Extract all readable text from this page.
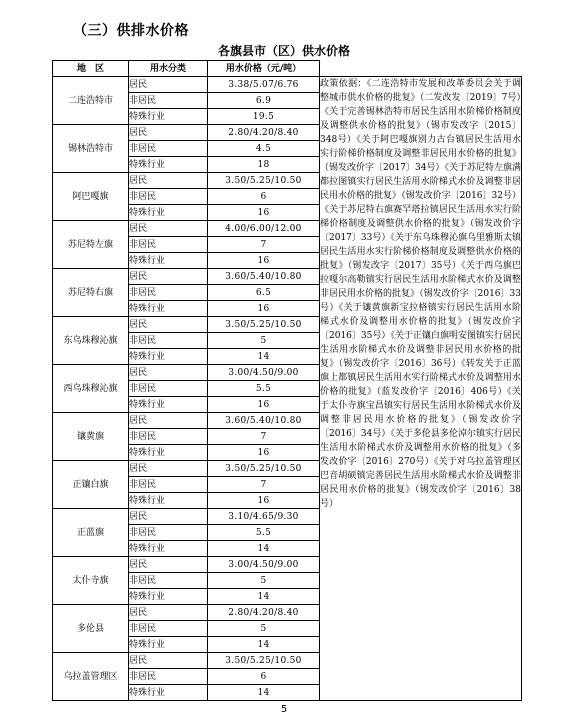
（三）供排水价格
各旗县市（区）供水价格
地　区	用水分类	用水价格（元/吨）	
二连浩特市	居民	3.38/5.07/6.76	政策依据：《二连浩特市发展和改革委员会关于调整城市供水价格的批复》（二发改发〔2019〕7号）《关于完善锡林浩特市居民生活用水阶梯价格制度及调整供水价格的批复》（锡市发改字〔2015〕348号）《关于阿巴嘎旗别力古台镇居民生活用水实行阶梯价格制度及调整非居民用水价格的批复》（锡发改价字〔2017〕34号）《关于苏尼特左旗满都拉图镇实行居民生活用水阶梯式水价及调整非居民用水价格的批复》（锡发改价字〔2016〕32号）《关于苏尼特右旗赛罕塔拉镇居民生活用水实行阶梯价格制度及调整供水价格的批复》（锡发改价字〔2017〕33号）《关于东乌珠穆沁旗乌里雅斯太镇居民生活用水实行阶梯价格制度及调整供水价格的批复》（锡发改字〔2017〕35号）《关于西乌旗巴拉嘎尔高勒镇实行居民生活用水阶梯式水价及调整非居民用水价格的批复》（锡发改价字〔2016〕33号）《关于镶黄旗新宝拉格镇实行居民生活用水阶梯式水价及调整用水价格的批复》（锡发改价字〔2016〕35号）《关于正镶白旗明安图镇实行居民生活用水阶梯式水价及调整非居民用水价格的批复》（锡发改价字〔2016〕36号）《转发关于正蓝旗上都镇居民生活用水实行阶梯式水价及调整用水价格的批复》（蓝发改价字〔2016〕406号）《关于太仆寺旗宝昌镇实行居民生活用水阶梯式水价及调整非居民用水价格的批复》（锡发改价字〔2016〕34号）《关于多伦县多伦淖尔镇实行居民生活用水阶梯式水价及调整用水价格的批复》（多发改价字〔2016〕270号）《关于对乌拉盖管理区巴音胡硕镇完善居民生活用水阶梯式水价及调整非居民用水价格的批复》（锡发改价字〔2016〕38号）
	非居民	6.9	
	特殊行业	19.5	
锡林浩特市	居民	2.80/4.20/8.40	
	非居民	4.5	
	特殊行业	18	
阿巴嘎旗	居民	3.50/5.25/10.50	
	非居民	6	
	特殊行业	16	
苏尼特左旗	居民	4.00/6.00/12.00	
	非居民	7	
	特殊行业	16	
苏尼特右旗	居民	3.60/5.40/10.80	
	非居民	6.5	
	特殊行业	16	
东乌珠穆沁旗	居民	3.50/5.25/10.50	
	非居民	5	
	特殊行业	14	
西乌珠穆沁旗	居民	3.00/4.50/9.00	
	非居民	5.5	
	特殊行业	16	
镶黄旗	居民	3.60/5.40/10.80	
	非居民	7	
	特殊行业	16	
正镶白旗	居民	3.50/5.25/10.50	
	非居民	7	
	特殊行业	16	
正蓝旗	居民	3.10/4.65/9.30	
	非居民	5.5	
	特殊行业	14	
太仆寺旗	居民	3.00/4.50/9.00	
	非居民	5	
	特殊行业	14	
多伦县	居民	2.80/4.20/8.40	
	非居民	5	
	特殊行业	14	
乌拉盖管理区	居民	3.50/5.25/10.50	
	非居民	6	
	特殊行业	14	
5
